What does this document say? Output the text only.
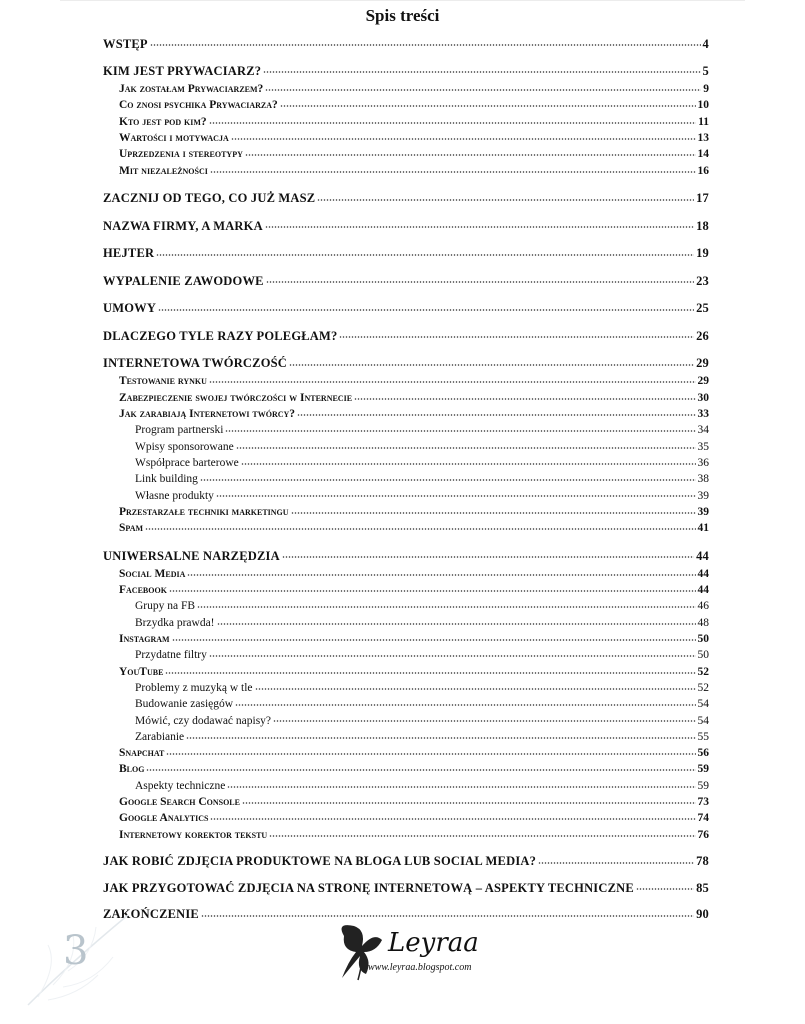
Spis treści
WSTĘP	4
KIM JEST PRYWACIARZ?	5
Jak zostałam Prywaciarzem?	9
Co znosi psychika Prywaciarza?	10
Kto jest pod kim?	11
Wartości i motywacja	13
Uprzedzenia i stereotypy	14
Mit niezależności	16
ZACZNIJ OD TEGO, CO JUŻ MASZ	17
NAZWA FIRMY, A MARKA	18
HEJTER	19
WYPALENIE ZAWODOWE	23
UMOWY	25
DLACZEGO TYLE RAZY POLEGŁAM?	26
INTERNETOWA TWÓRCZOŚĆ	29
Testowanie rynku	29
Zabezpieczenie swojej twórczości w Internecie	30
Jak zarabiają Internetowi twórcy?	33
Program partnerski	34
Wpisy sponsorowane	35
Współprace barterowe	36
Link building	38
Własne produkty	39
Przestarzałe techniki marketingu	39
Spam	41
UNIWERSALNE NARZĘDZIA	44
Social Media	44
Facebook	44
Grupy na FB	46
Brzydka prawda!	48
Instagram	50
Przydatne filtry	50
YouTube	52
Problemy z muzyką w tle	52
Budowanie zasięgów	54
Mówić, czy dodawać napisy?	54
Zarabianie	55
Snapchat	56
Blog	59
Aspekty techniczne	59
Google Search Console	73
Google Analytics	74
Internetowy korektor tekstu	76
JAK ROBIĆ ZDJĘCIA PRODUKTOWE NA BLOGA LUB SOCIAL MEDIA?	78
JAK PRZYGOTOWAĆ ZDJĘCIA NA STRONĘ INTERNETOWĄ – ASPEKTY TECHNICZNE	85
ZAKOŃCZENIE	90
3	Leyraa
www.leyraa.blogspot.com
